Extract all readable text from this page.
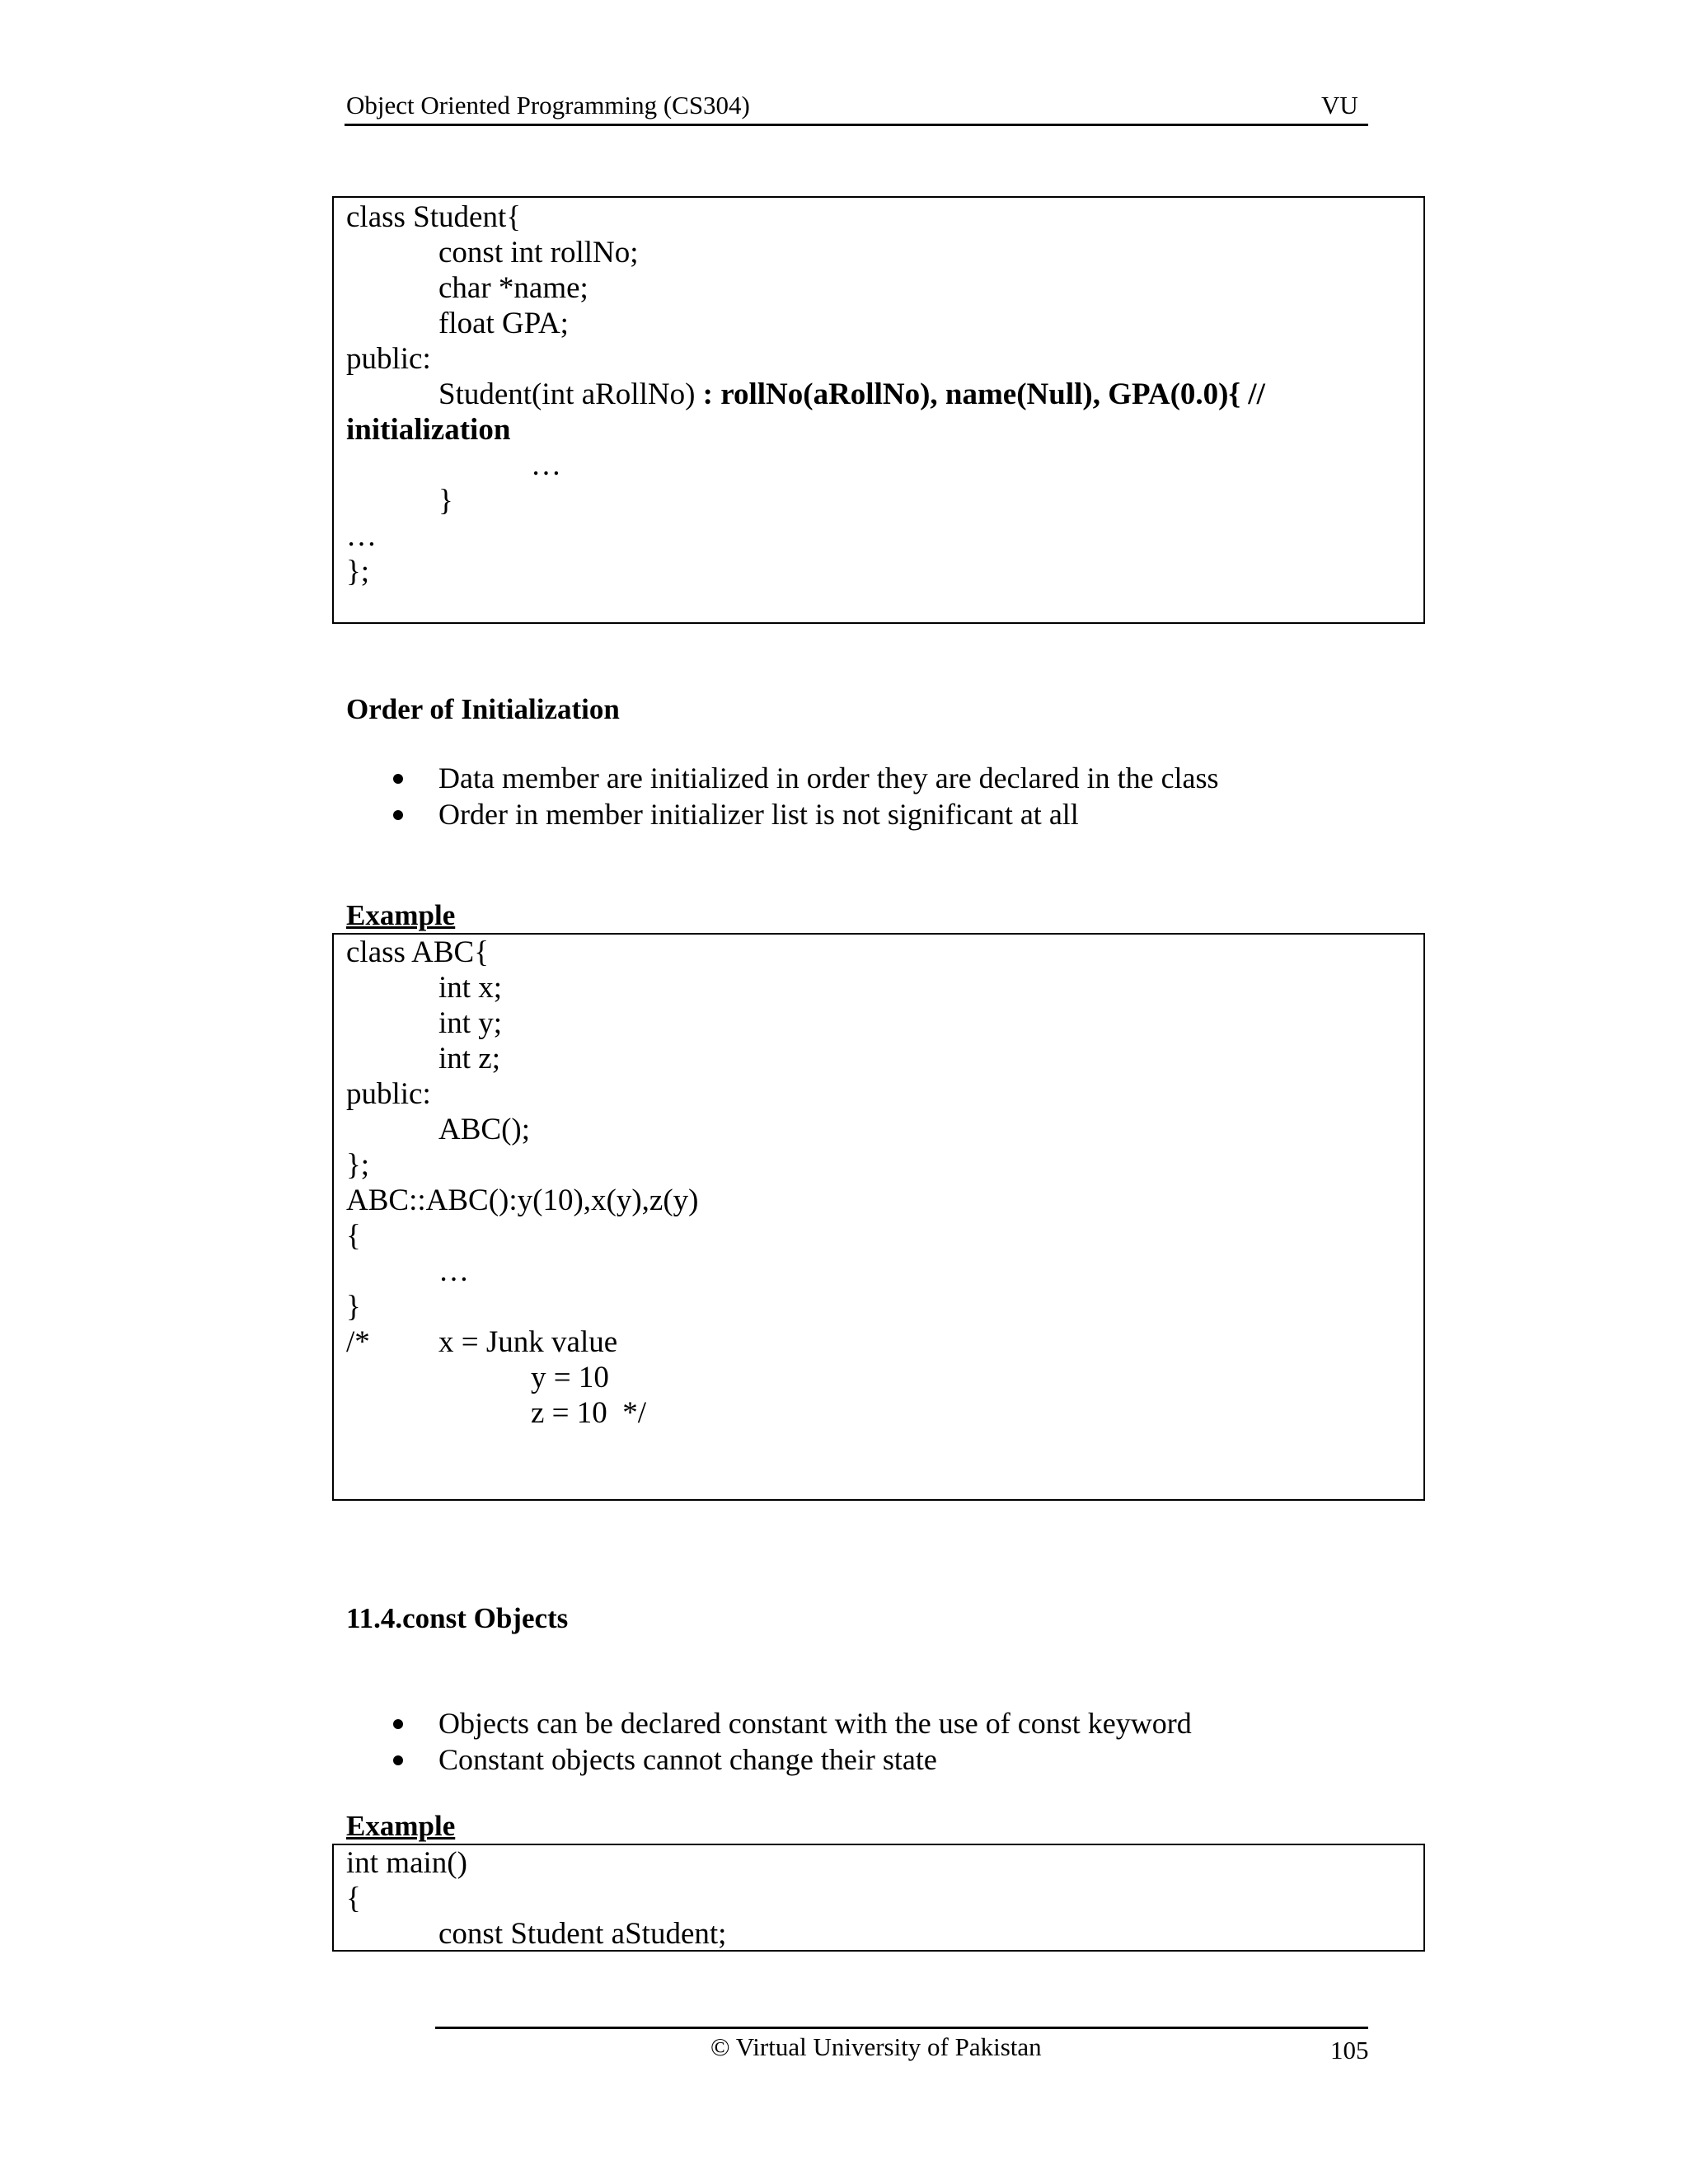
Object Oriented Programming (CS304)	VU

class Student{

const int rollNo;

char *name;

float GPA;

public:

Student(int aRollNo) : rollNo(aRollNo), name(Null), GPA(0.0){ //

initialization

…

}

…

};

Order of Initialization
Data member are initialized in order they are declared in the class
Order in member initializer list is not significant at all
Example

class ABC{

int x;

int y;

int z;

public:

ABC();

};

ABC::ABC():y(10),x(y),z(y)

{

…

}

/*

x = Junk value

y = 10

z = 10  */

11.4.const Objects
Objects can be declared constant with the use of const keyword
Constant objects cannot change their state
Example

int main()

{

const Student aStudent;

© Virtual University of Pakistan	105
